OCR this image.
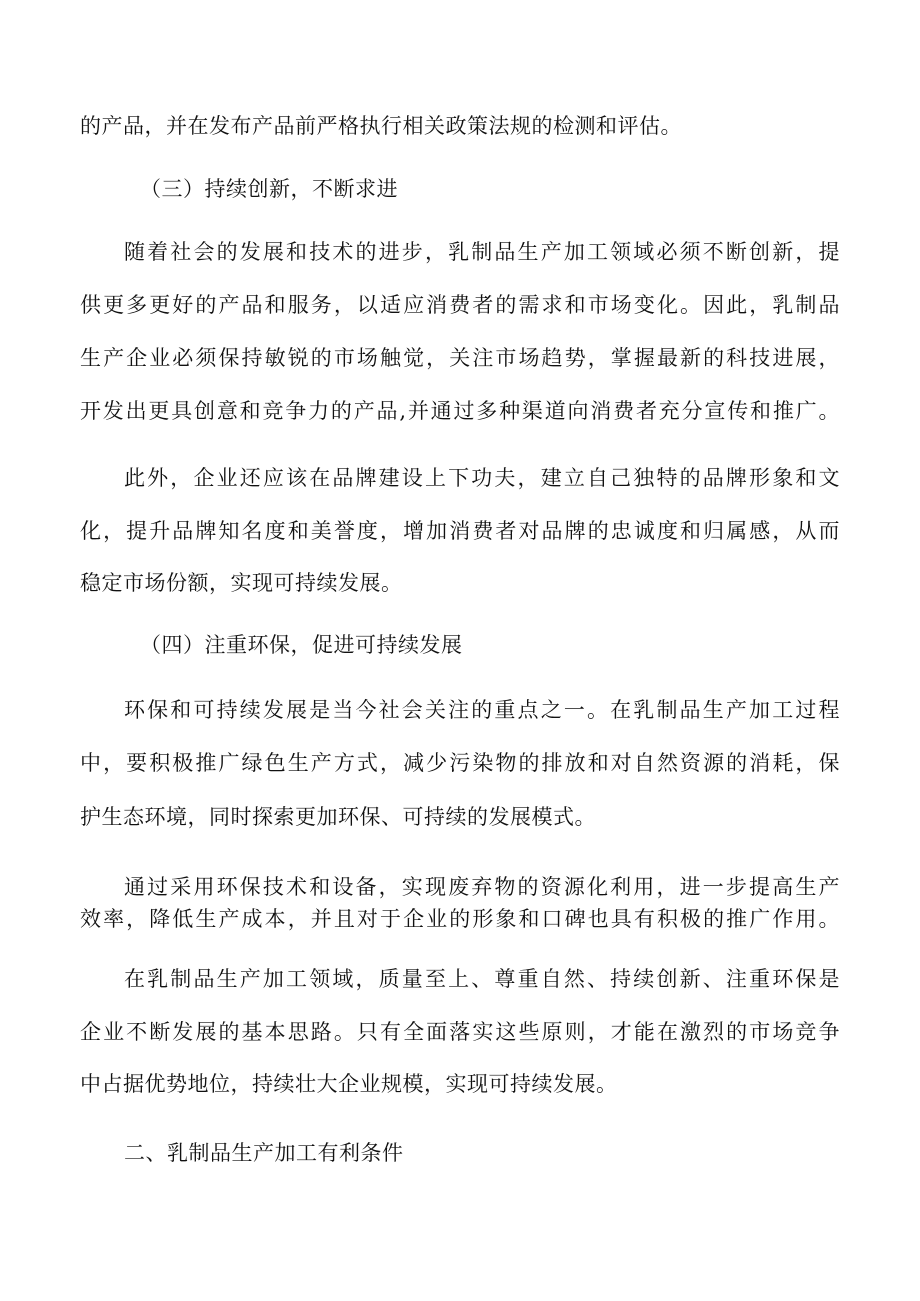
的产品，并在发布产品前严格执行相关政策法规的检测和评估。
（三）持续创新，不断求进
随着社会的发展和技术的进步，乳制品生产加工领域必须不断创新，提
供更多更好的产品和服务，以适应消费者的需求和市场变化。因此，乳制品
生产企业必须保持敏锐的市场触觉，关注市场趋势，掌握最新的科技进展，
开发出更具创意和竞争力的产品,并通过多种渠道向消费者充分宣传和推广。
此外，企业还应该在品牌建设上下功夫，建立自己独特的品牌形象和文
化，提升品牌知名度和美誉度，增加消费者对品牌的忠诚度和归属感，从而
稳定市场份额，实现可持续发展。
（四）注重环保，促进可持续发展
环保和可持续发展是当今社会关注的重点之一。在乳制品生产加工过程
中，要积极推广绿色生产方式，减少污染物的排放和对自然资源的消耗，保
护生态环境，同时探索更加环保、可持续的发展模式。
通过采用环保技术和设备，实现废弃物的资源化利用，进一步提高生产
效率，降低生产成本，并且对于企业的形象和口碑也具有积极的推广作用。
在乳制品生产加工领域，质量至上、尊重自然、持续创新、注重环保是
企业不断发展的基本思路。只有全面落实这些原则，才能在激烈的市场竞争
中占据优势地位，持续壮大企业规模，实现可持续发展。
二、乳制品生产加工有利条件
